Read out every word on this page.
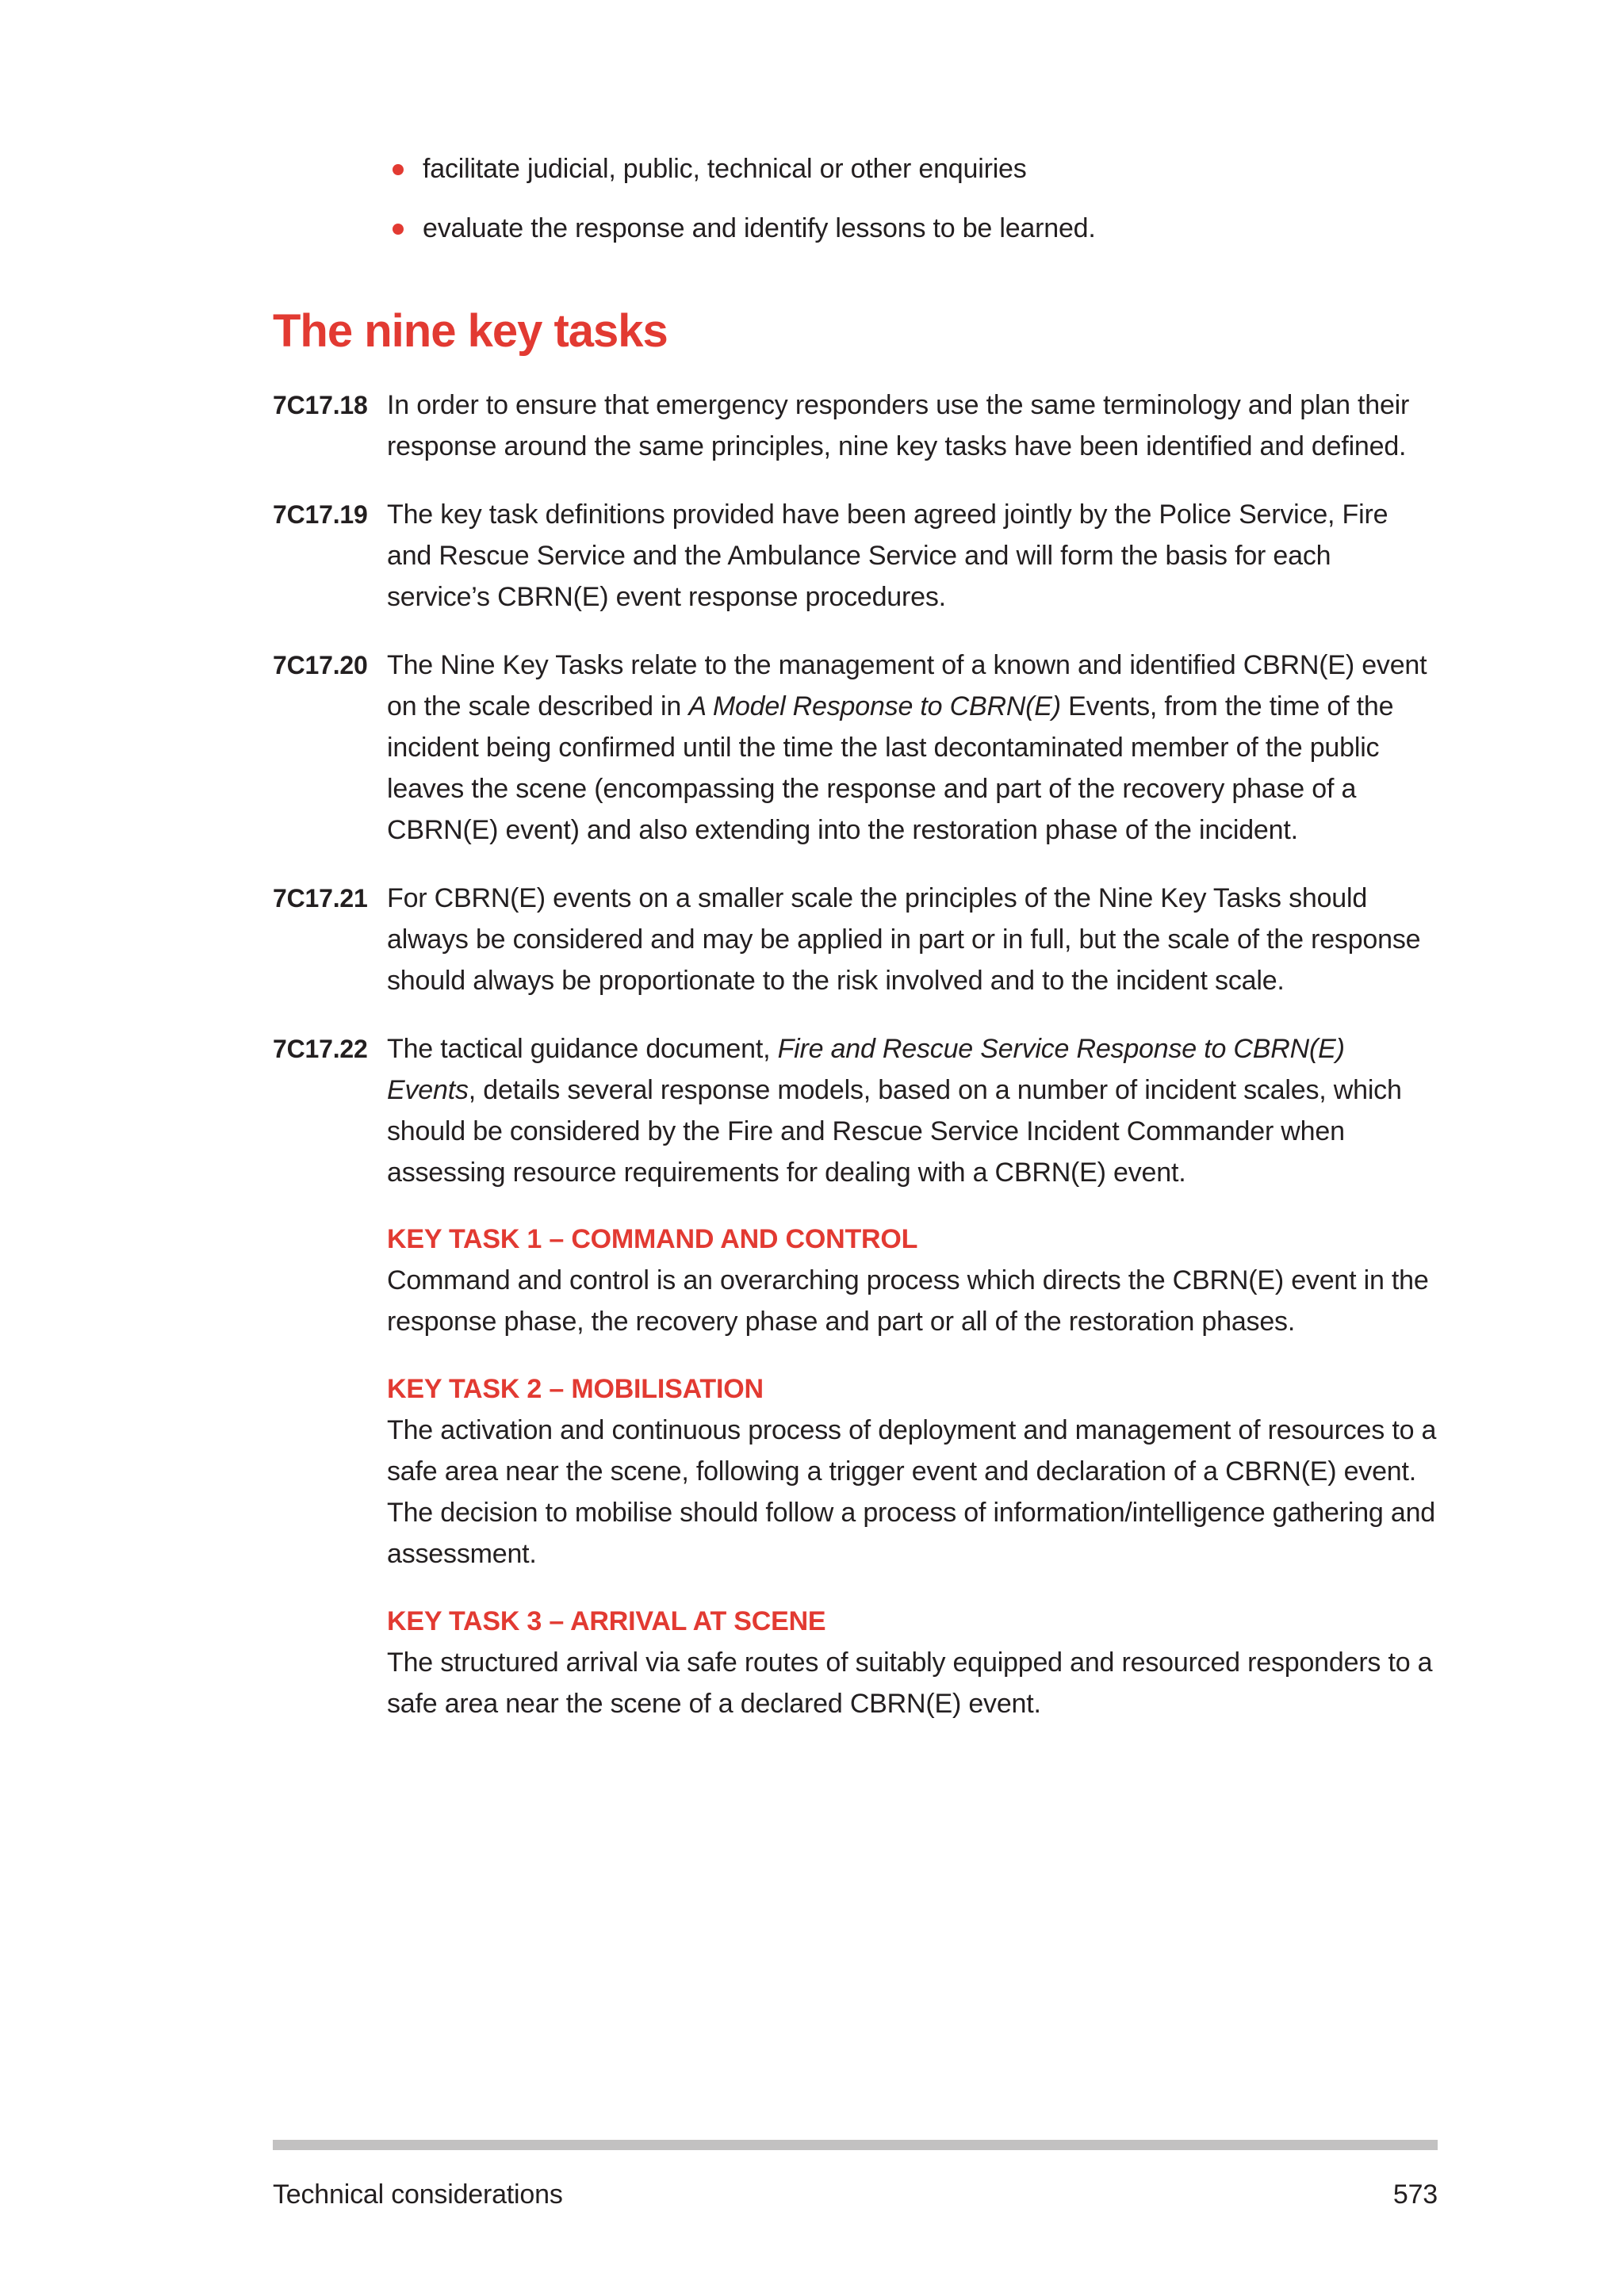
facilitate judicial, public, technical or other enquiries
evaluate the response and identify lessons to be learned.
The nine key tasks
7C17.18 In order to ensure that emergency responders use the same terminology and plan their response around the same principles, nine key tasks have been identified and defined.
7C17.19 The key task definitions provided have been agreed jointly by the Police Service, Fire and Rescue Service and the Ambulance Service and will form the basis for each service’s CBRN(E) event response procedures.
7C17.20 The Nine Key Tasks relate to the management of a known and identified CBRN(E) event on the scale described in A Model Response to CBRN(E) Events, from the time of the incident being confirmed until the time the last decontaminated member of the public leaves the scene (encompassing the response and part of the recovery phase of a CBRN(E) event) and also extending into the restoration phase of the incident.
7C17.21 For CBRN(E) events on a smaller scale the principles of the Nine Key Tasks should always be considered and may be applied in part or in full, but the scale of the response should always be proportionate to the risk involved and to the incident scale.
7C17.22 The tactical guidance document, Fire and Rescue Service Response to CBRN(E) Events, details several response models, based on a number of incident scales, which should be considered by the Fire and Rescue Service Incident Commander when assessing resource requirements for dealing with a CBRN(E) event.
KEY TASK 1 – COMMAND AND CONTROL

Command and control is an overarching process which directs the CBRN(E) event in the response phase, the recovery phase and part or all of the restoration phases.

KEY TASK 2 – MOBILISATION

The activation and continuous process of deployment and management of resources to a safe area near the scene, following a trigger event and declaration of a CBRN(E) event. The decision to mobilise should follow a process of information/intelligence gathering and assessment.

KEY TASK 3 – ARRIVAL AT SCENE

The structured arrival via safe routes of suitably equipped and resourced responders to a safe area near the scene of a declared CBRN(E) event.

Technical considerations	573
